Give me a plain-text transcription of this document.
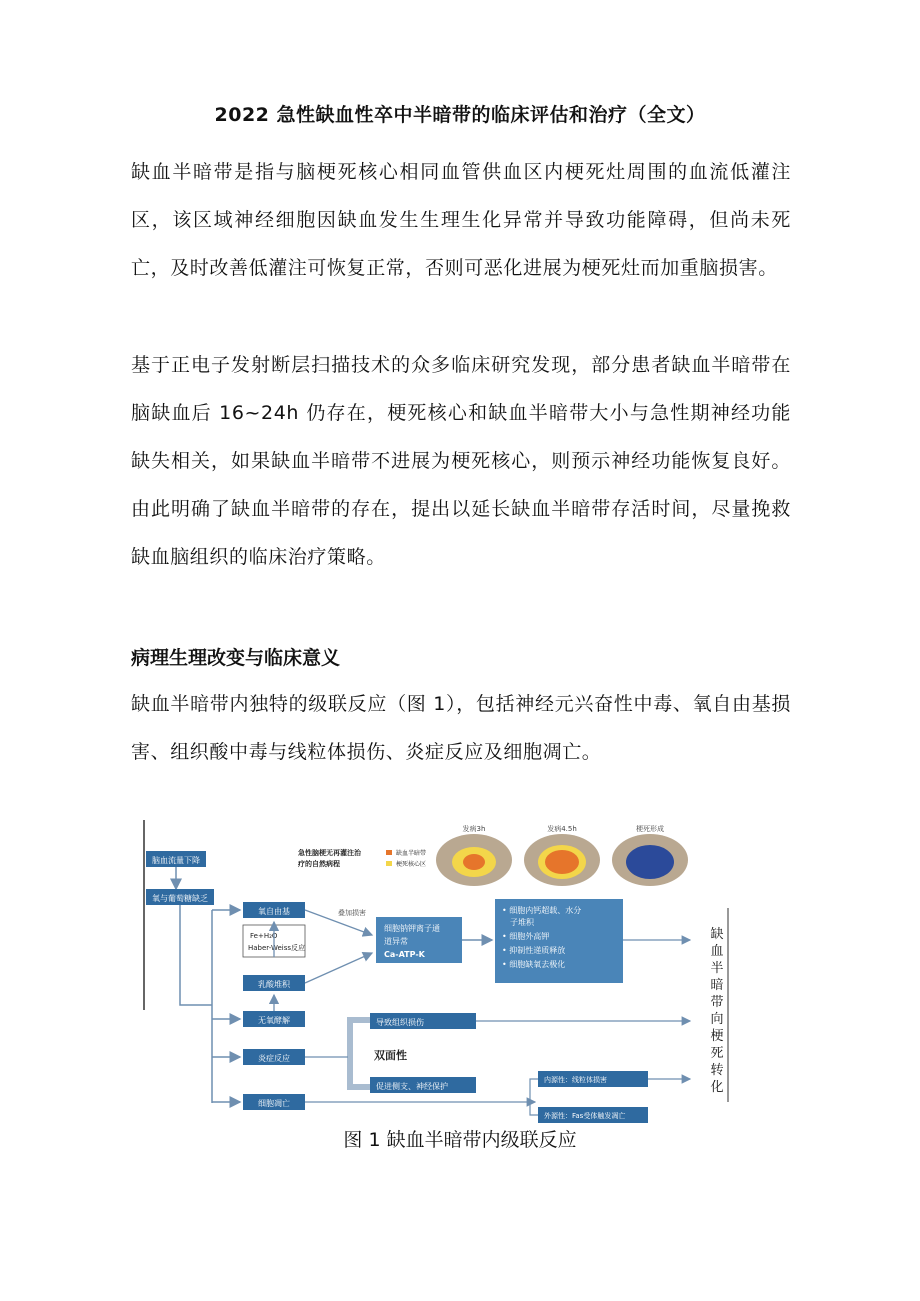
2022 急性缺血性卒中半暗带的临床评估和治疗（全文）

缺血半暗带是指与脑梗死核心相同血管供血区内梗死灶周围的血流低灌注区，该区域神经细胞因缺血发生生理生化异常并导致功能障碍，但尚未死亡，及时改善低灌注可恢复正常，否则可恶化进展为梗死灶而加重脑损害。

基于正电子发射断层扫描技术的众多临床研究发现，部分患者缺血半暗带在脑缺血后 16~24h 仍存在，梗死核心和缺血半暗带大小与急性期神经功能缺失相关，如果缺血半暗带不进展为梗死核心，则预示神经功能恢复良好。由此明确了缺血半暗带的存在，提出以延长缺血半暗带存活时间，尽量挽救缺血脑组织的临床治疗策略。

病理生理改变与临床意义

缺血半暗带内独特的级联反应（图 1），包括神经元兴奋性中毒、氧自由基损害、组织酸中毒与线粒体损伤、炎症反应及细胞凋亡。

脑血流量下降
氧与葡萄糖缺乏
氧自由基
Fe+H₂O
Haber-Weiss反应
乳酸堆积
无氧酵解
炎症反应
细胞凋亡
叠加损害
细胞钠钾离子通
道异常
Ca-ATP-K
• 细胞内钙超载、水分
子堆积
• 细胞外高钾
• 抑制性递质释放
• 细胞缺氧去极化
导致组织损伤
双面性
促进侧支、神经保护
内源性：线粒体损害
外源性：Fas受体触发凋亡
急性脑梗无再灌注治
疗的自然病程
缺血半暗带
梗死核心区
发病3h	发病4.5h	梗死形成
缺
血
半
暗
带
向
梗
死
转
化
图 1 缺血半暗带内级联反应
